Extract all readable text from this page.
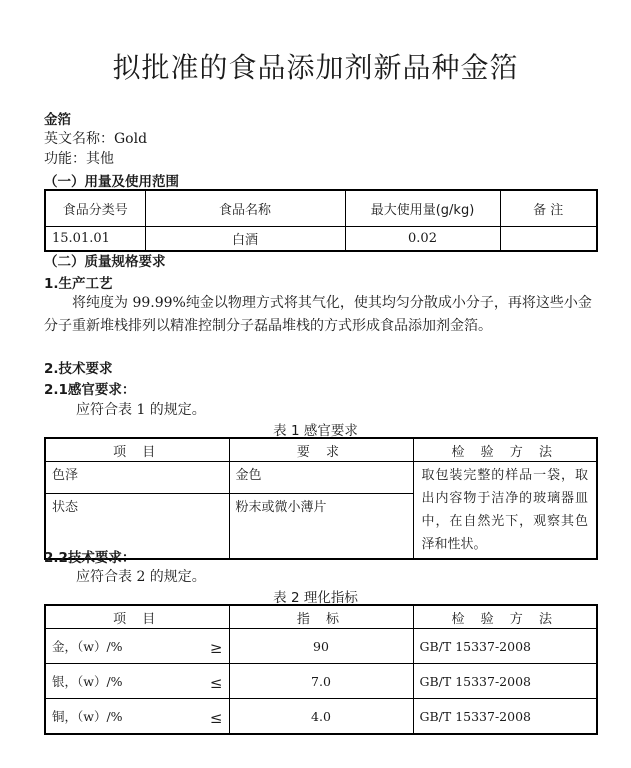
拟批准的食品添加剂新品种金箔
金箔
英文名称：Gold
功能：其他
（一）用量及使用范围
食品分类号	食品名称	最大使用量(g/kg)	备 注
15.01.01	白酒	0.02	
（二）质量规格要求
1.生产工艺
将纯度为 99.99%纯金以物理方式将其气化，使其均匀分散成小分子，再将这些小金分子重新堆栈排列以精准控制分子磊晶堆栈的方式形成食品添加剂金箔。
2.技术要求
2.1感官要求：
应符合表 1 的规定。
表 1 感官要求
项 目	要 求	检 验 方 法
色泽	金色	取包装完整的样品一袋，取出内容物于洁净的玻璃器皿中，在自然光下，观察其色泽和性状。
状态	粉末或微小薄片	
2.2技术要求：
应符合表 2 的规定。
表 2 理化指标
项 目	指 标	检 验 方 法
金，（w）/% ≥	90	GB/T 15337-2008
银，（w）/% ≤	7.0	GB/T 15337-2008
铜，（w）/% ≤	4.0	GB/T 15337-2008
